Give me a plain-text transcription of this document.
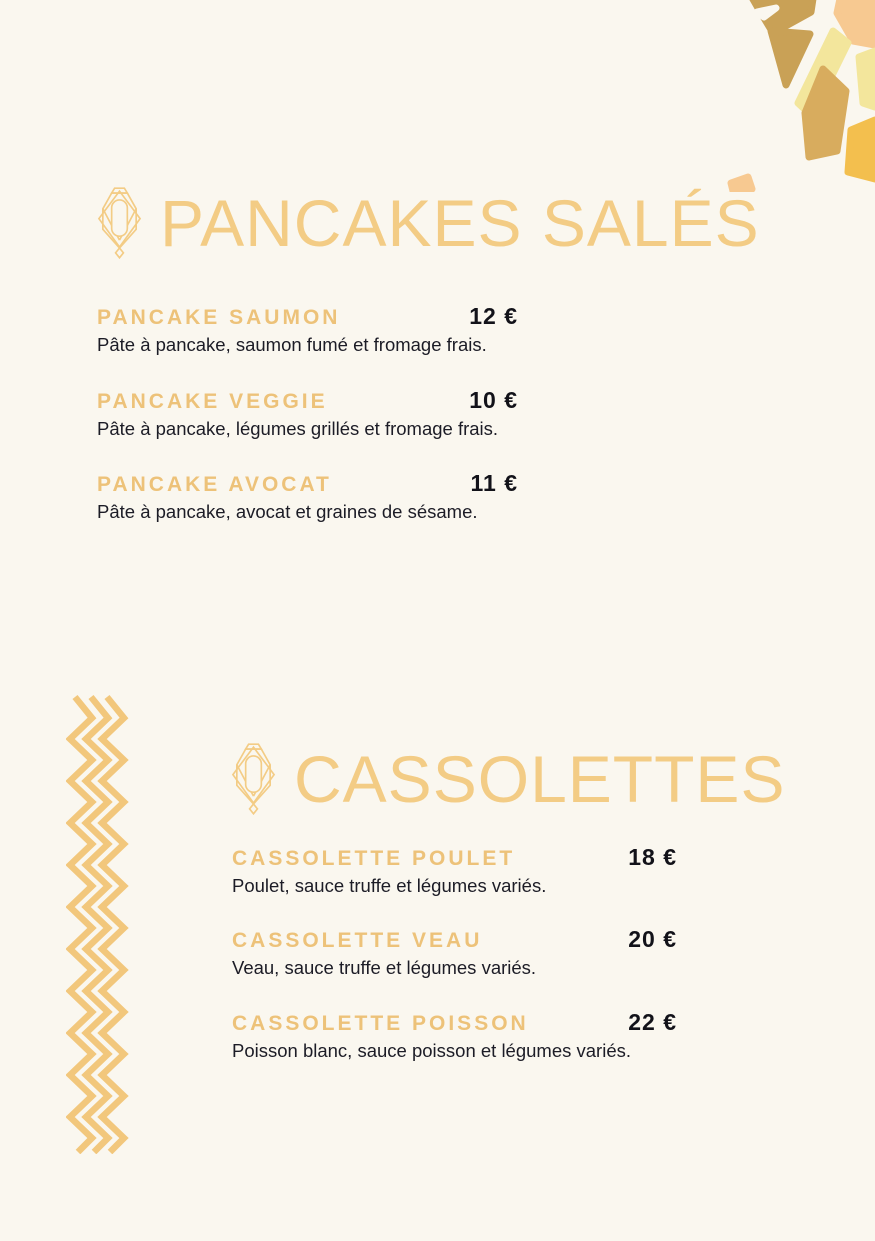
PANCAKES SALÉS
PANCAKE SAUMON	12 €

Pâte à pancake, saumon fumé et fromage frais.

PANCAKE VEGGIE	10 €

Pâte à pancake, légumes grillés et fromage frais.

PANCAKE AVOCAT	11 €

Pâte à pancake, avocat et graines de sésame.

CASSOLETTES
CASSOLETTE POULET	18 €

Poulet, sauce truffe et légumes variés.

CASSOLETTE VEAU	20 €

Veau, sauce truffe et légumes variés.

CASSOLETTE POISSON	22 €

Poisson blanc, sauce poisson et légumes variés.
